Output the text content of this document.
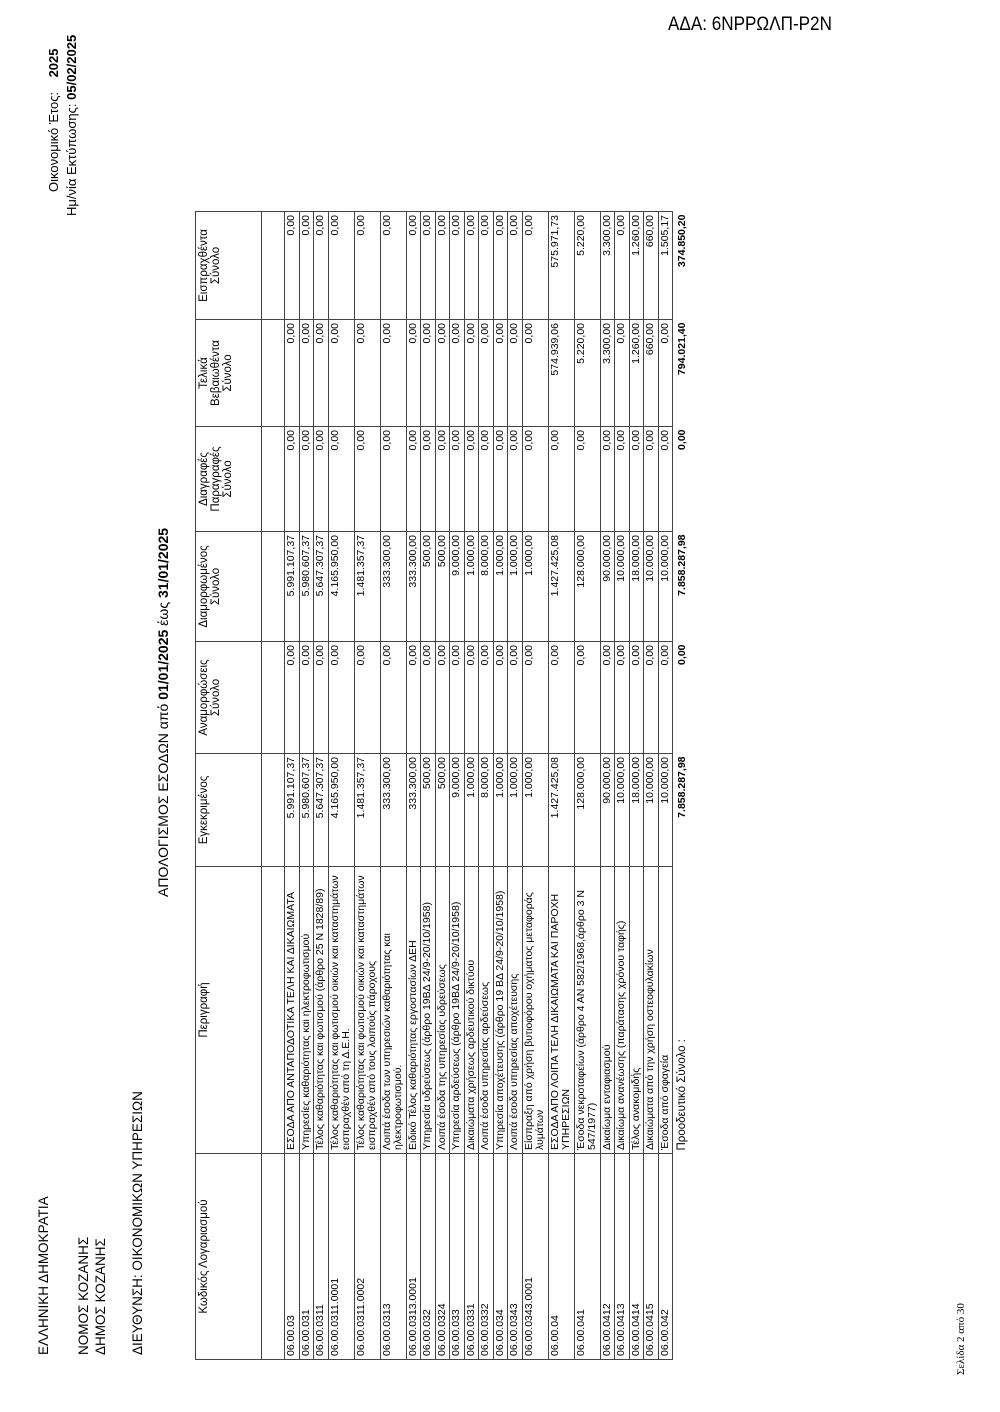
ΑΔΑ: 6ΝΡΡΩΛΠ-Ρ2Ν
ΕΛΛΗΝΙΚΗ ΔΗΜΟΚΡΑΤΙΑ ΝΟΜΟΣ ΚΟΖΑΝΗΣ ΔΗΜΟΣ ΚΟΖΑΝΗΣ ΔΙΕΥΘΥΝΣΗ: ΟΙΚΟΝΟΜΙΚΩΝ ΥΠΗΡΕΣΙΩΝ
Οικονομικό Έτος:    2025
Ημ/νία Εκτύπωσης: 05/02/2025
ΑΠΟΛΟΓΙΣΜΟΣ ΕΣΟΔΩΝ από 01/01/2025 έως 31/01/2025
Κωδικός Λογαριασμού	Περιγραφή	Εγκεκριμένος	Αναμορφώσεις Σύνολο	Διαμορφωμένος Σύνολο	Διαγραφές Παραγραφές Σύνολο	Τελικά Βεβαιωθέντα Σύνολο	Εισπραχθέντα Σύνολο

06.00.03	ΕΣΟΔΑ ΑΠΟ ΑΝΤΑΠΟΔΟΤΙΚΑ ΤΕΛΗ ΚΑΙ ΔΙΚΑΙΩΜΑΤΑ	5.991.107,37	0,00	5.991.107,37	0,00	0,00	0,00
06.00.031	Υπηρεσίες καθαριότητας και ηλεκτροφωτισμού	5.980.607,37	0,00	5.980.607,37	0,00	0,00	0,00
06.00.0311	Τέλος καθαριότητας και φωτισμού (άρθρο 25 Ν 1828/89)	5.647.307,37	0,00	5.647.307,37	0,00	0,00	0,00
06.00.0311.0001	Τέλος καθαριότητας και φωτισμού οικιών και καταστημάτων εισπραχθέν από τη Δ.Ε.Η.	4.165.950,00	0,00	4.165.950,00	0,00	0,00	0,00
06.00.0311.0002	Τέλος καθαριότητας και φωτισμού οικιών και καταστημάτων εισπραχθέν από τους λοιπούς πάροχους	1.481.357,37	0,00	1.481.357,37	0,00	0,00	0,00
06.00.0313	Λοιπά έσοδα των υπηρεσιών καθαριότητας και ηλεκτροφωτισμού.	333.300,00	0,00	333.300,00	0,00	0,00	0,00
06.00.0313.0001	Ειδικό Τέλος καθαριότητας εργοστασίων ΔΕΗ	333.300,00	0,00	333.300,00	0,00	0,00	0,00
06.00.032	Υπηρεσία υδρεύσεως (άρθρο 19ΒΔ 24/9-20/10/1958)	500,00	0,00	500,00	0,00	0,00	0,00
06.00.0324	Λοιπά έσοδα της υπηρεσίας υδρεύσεως	500,00	0,00	500,00	0,00	0,00	0,00
06.00.033	Υπηρεσία αρδεύσεως (άρθρο 19ΒΔ 24/9-20/10/1958)	9.000,00	0,00	9.000,00	0,00	0,00	0,00
06.00.0331	Δικαιώματα χρήσεως αρδευτικού δικτύου	1.000,00	0,00	1.000,00	0,00	0,00	0,00
06.00.0332	Λοιπά έσοδα υπηρεσίας αρδεύσεως	8.000,00	0,00	8.000,00	0,00	0,00	0,00
06.00.034	Υπηρεσία αποχέτευσης (άρθρο 19 ΒΔ 24/9-20/10/1958)	1.000,00	0,00	1.000,00	0,00	0,00	0,00
06.00.0343	Λοιπά έσοδα υπηρεσίας αποχέτευσης	1.000,00	0,00	1.000,00	0,00	0,00	0,00
06.00.0343.0001	Είσπραξη από χρήση βυτιοφόρου οχήματος μεταφοράς λυμάτων	1.000,00	0,00	1.000,00	0,00	0,00	0,00
06.00.04	ΕΣΟΔΑ ΑΠΟ ΛΟΙΠΑ ΤΕΛΗ ΔΙΚΑΙΩΜΑΤΑ ΚΑΙ ΠΑΡΟΧΗ ΥΠΗΡΕΣΙΩΝ	1.427.425,08	0,00	1.427.425,08	0,00	574.939,06	575.971,73
06.00.041	Έσοδα νεκροταφείων (άρθρο 4 ΑΝ 582/1968,άρθρο 3 Ν 547/1977)	128.000,00	0,00	128.000,00	0,00	5.220,00	5.220,00
06.00.0412	Δικαίωμα ενταφιασμού	90.000,00	0,00	90.000,00	0,00	3.300,00	3.300,00
06.00.0413	Δικαίωμα ανανέωσης (παράτασης χρόνου ταφής)	10.000,00	0,00	10.000,00	0,00	0,00	0,00
06.00.0414	Τέλος ανακομιδής	18.000,00	0,00	18.000,00	0,00	1.260,00	1.260,00
06.00.0415	Δικαιώματα από την χρήση οστεοφυλακίων	10.000,00	0,00	10.000,00	0,00	660,00	660,00
06.00.042	Έσοδα από σφαγεία	10.000,00	0,00	10.000,00	0,00	0,00	1.505,17
	Προοδευτικό Σύνολο :	7.858.287,98	0,00	7.858.287,98	0,00	794.021,40	374.850,20
Σελίδα 2 από 30
